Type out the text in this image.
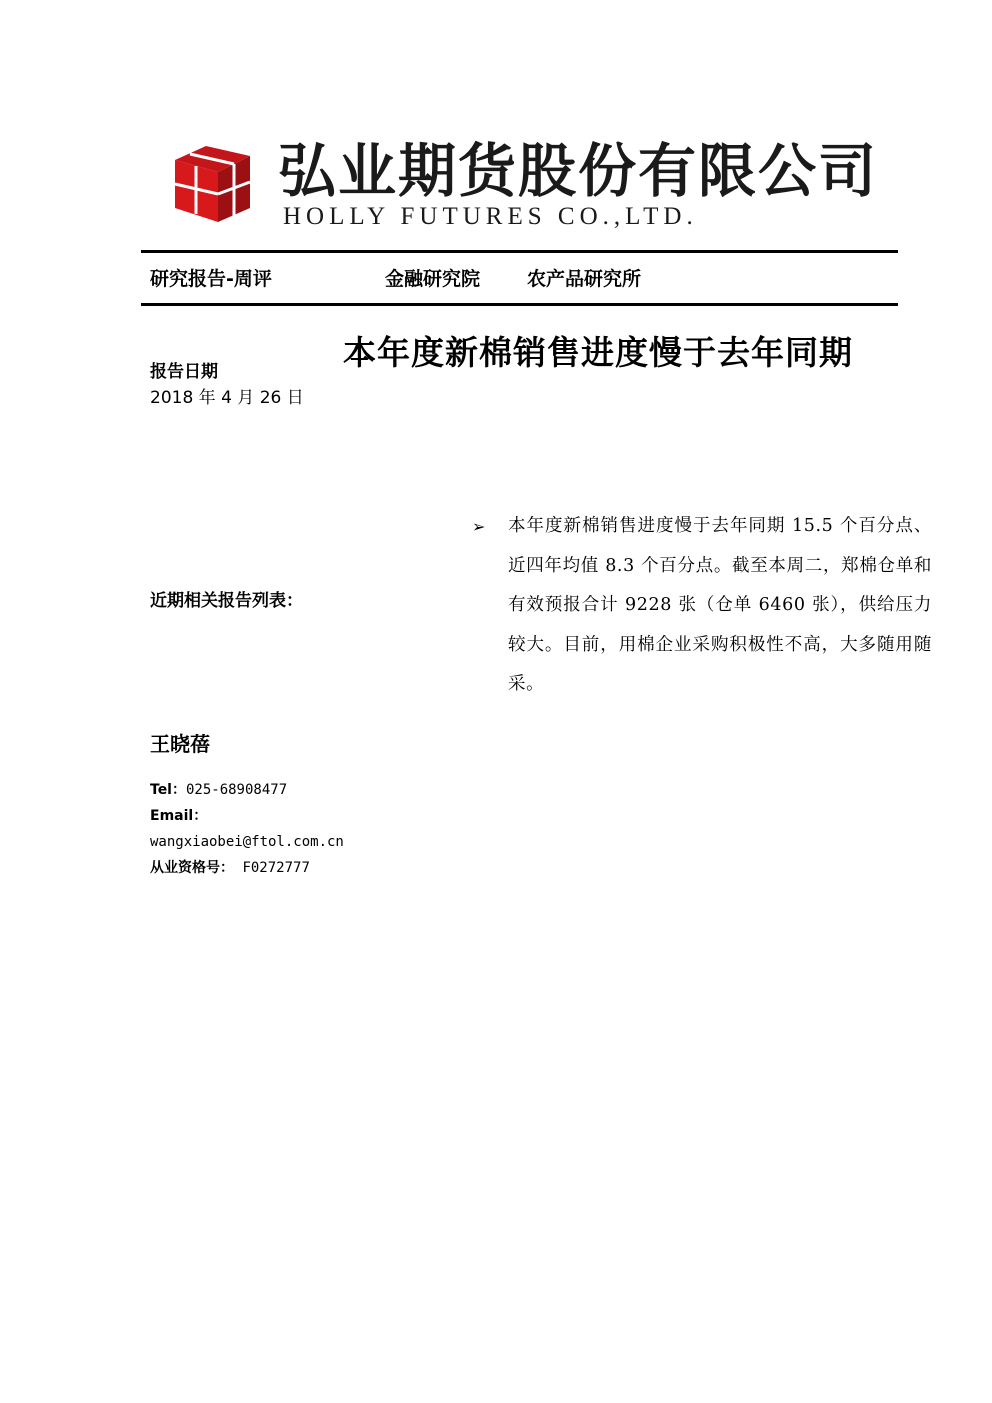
弘业期货股份有限公司
HOLLY FUTURES CO.,LTD.
研究报告-周评	金融研究院 农产品研究所
本年度新棉销售进度慢于去年同期
报告日期
2018 年 4 月 26 日
近期相关报告列表：
王晓蓓
Tel：025-68908477
Email：
wangxiaobei@ftol.com.cn
从业资格号： F0272777
➢ 本年度新棉销售进度慢于去年同期 15.5 个百分点、近四年均值 8.3 个百分点。截至本周二，郑棉仓单和有效预报合计 9228 张（仓单 6460 张），供给压力较大。目前，用棉企业采购积极性不高，大多随用随采。
